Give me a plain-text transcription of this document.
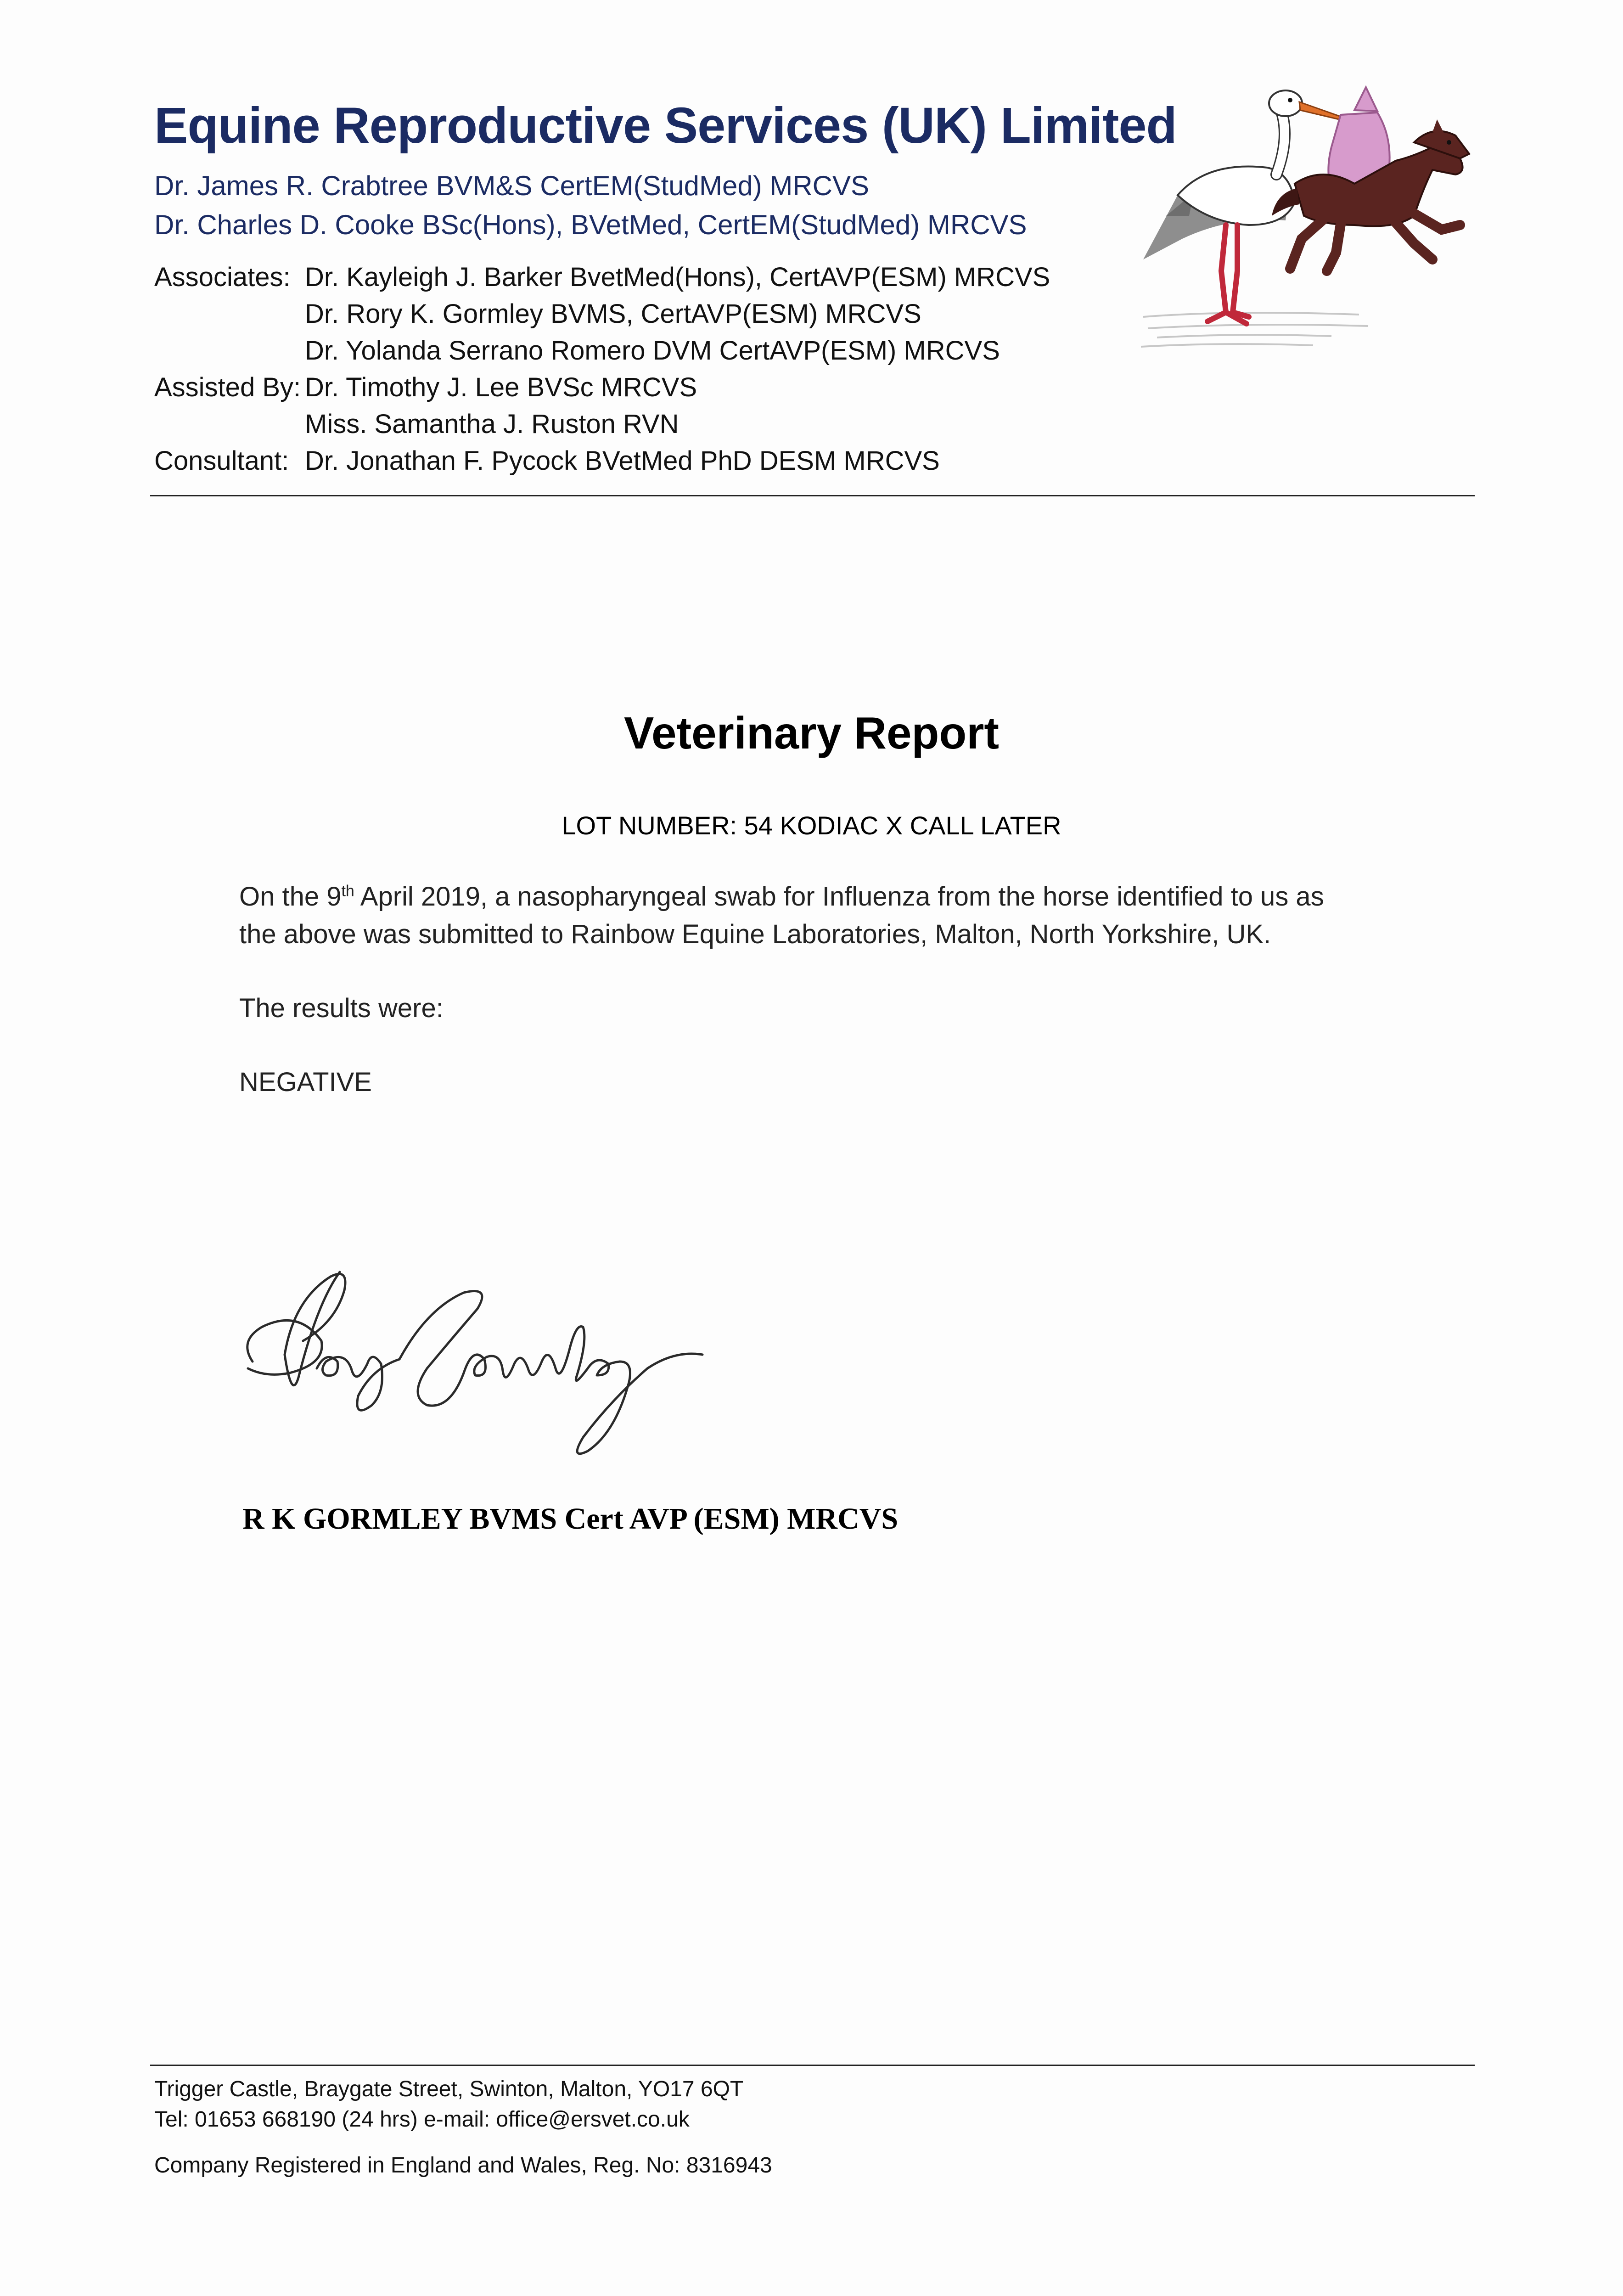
Equine Reproductive Services (UK) Limited
Dr. James R. Crabtree BVM&S CertEM(StudMed) MRCVS
Dr. Charles D. Cooke BSc(Hons), BVetMed, CertEM(StudMed) MRCVS
Associates: Dr. Kayleigh J. Barker BvetMed(Hons), CertAVP(ESM) MRCVS
Dr. Rory K. Gormley BVMS, CertAVP(ESM) MRCVS
Dr. Yolanda Serrano Romero DVM CertAVP(ESM) MRCVS
Assisted By: Dr. Timothy J. Lee BVSc MRCVS
Miss. Samantha J. Ruston RVN
Consultant: Dr. Jonathan F. Pycock BVetMed PhD DESM MRCVS
Veterinary Report
LOT NUMBER: 54 KODIAC X CALL LATER
On the 9th April 2019, a nasopharyngeal swab for Influenza from the horse identified to us as
the above was submitted to Rainbow Equine Laboratories, Malton, North Yorkshire, UK.
The results were:
NEGATIVE
R K GORMLEY BVMS Cert AVP (ESM) MRCVS
Trigger Castle, Braygate Street, Swinton, Malton, YO17 6QT
Tel: 01653 668190 (24 hrs) e-mail: office@ersvet.co.uk
Company Registered in England and Wales, Reg. No: 8316943
